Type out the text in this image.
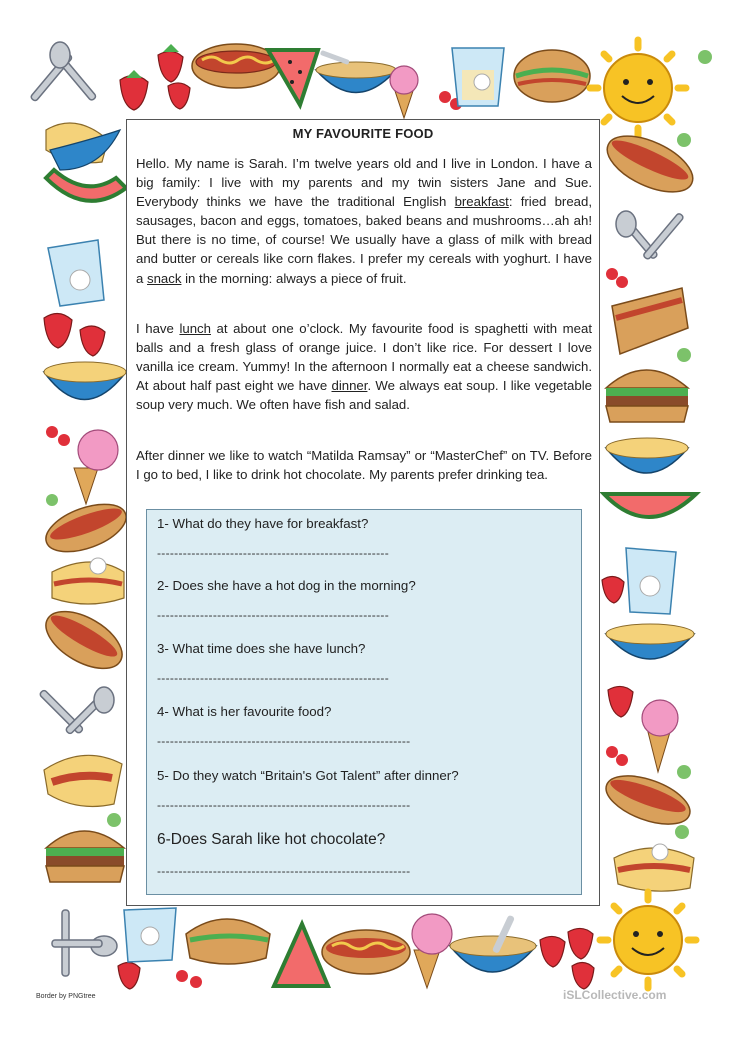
MY FAVOURITE FOOD

Hello. My name is Sarah. I’m twelve years old and I live in London. I have a big family: I live with my parents and my twin sisters Jane and Sue. Everybody thinks we have the traditional English breakfast: fried bread, sausages, bacon and eggs, tomatoes, baked beans and mushrooms…ah ah! But there is no time, of course! We usually have a glass of milk with bread and butter or cereals like corn flakes. I prefer my cereals with yoghurt. I have a snack in the morning: always a piece of fruit.

I have lunch at about one o’clock. My favourite food is spaghetti with meat balls and a fresh glass of orange juice. I don’t like rice. For dessert I love vanilla ice cream. Yummy! In the afternoon I normally eat a cheese sandwich. At about half past eight we have dinner. We always eat soup. I like vegetable soup very much. We often have fish and salad.

After dinner we like to watch “Matilda Ramsay” or “MasterChef” on TV. Before I go to bed, I like to drink hot chocolate. My parents prefer drinking tea.

1- What do they have for breakfast?
------------------------------------------------------
2- Does she have a hot dog in the morning?
------------------------------------------------------
3- What time does she have lunch?
------------------------------------------------------
4- What is her favourite food?
-----------------------------------------------------------
5- Do they watch “Britain's Got Talent” after dinner?
-----------------------------------------------------------
6-Does Sarah like hot chocolate?
-----------------------------------------------------------
Border by PNGtree	iSLCollective.com
